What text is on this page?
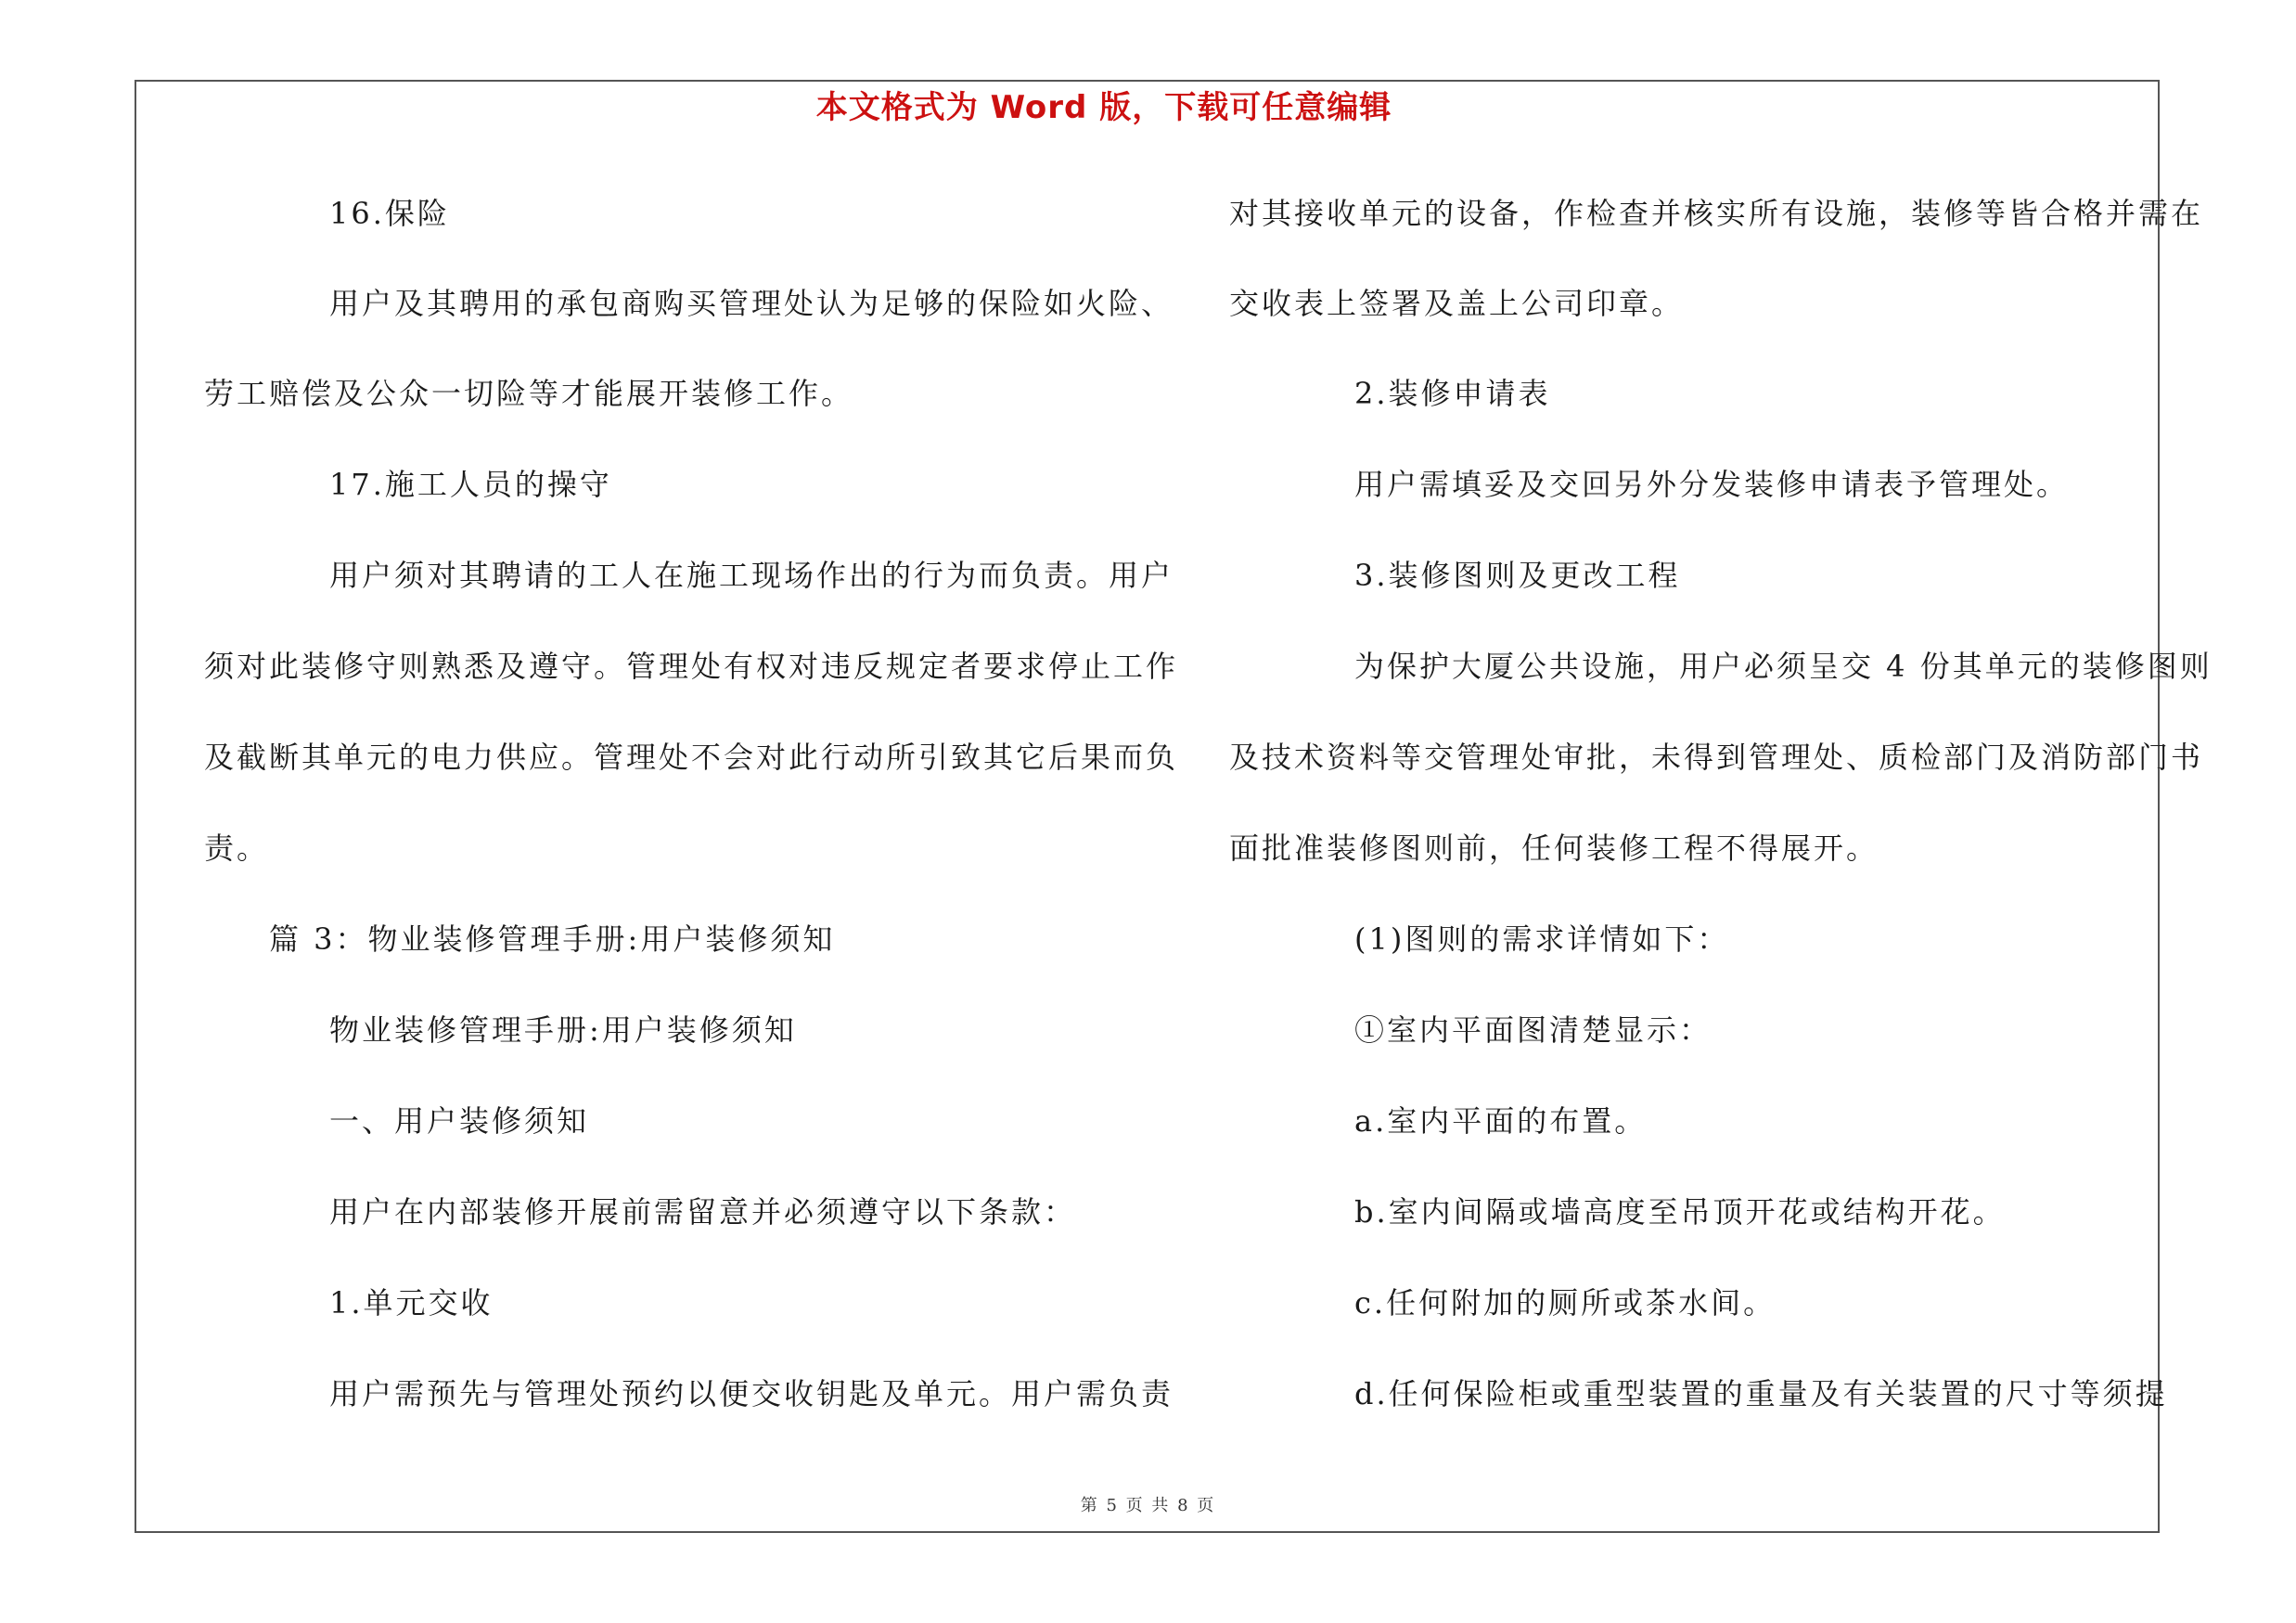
本文格式为 Word 版，下载可任意编辑
16.保险
用户及其聘用的承包商购买管理处认为足够的保险如火险、
劳工赔偿及公众一切险等才能展开装修工作。
17.施工人员的操守
用户须对其聘请的工人在施工现场作出的行为而负责。用户
须对此装修守则熟悉及遵守。管理处有权对违反规定者要求停止工作
及截断其单元的电力供应。管理处不会对此行动所引致其它后果而负
责。
篇 3：物业装修管理手册:用户装修须知
物业装修管理手册:用户装修须知
一、用户装修须知
用户在内部装修开展前需留意并必须遵守以下条款：
1.单元交收
用户需预先与管理处预约以便交收钥匙及单元。用户需负责
对其接收单元的设备，作检查并核实所有设施，装修等皆合格并需在
交收表上签署及盖上公司印章。
2.装修申请表
用户需填妥及交回另外分发装修申请表予管理处。
3.装修图则及更改工程
为保护大厦公共设施，用户必须呈交 4 份其单元的装修图则
及技术资料等交管理处审批，未得到管理处、质检部门及消防部门书
面批准装修图则前，任何装修工程不得展开。
(1)图则的需求详情如下：
①室内平面图清楚显示：
a.室内平面的布置。
b.室内间隔或墙高度至吊顶开花或结构开花。
c.任何附加的厕所或茶水间。
d.任何保险柜或重型装置的重量及有关装置的尺寸等须提
第 5 页 共 8 页
